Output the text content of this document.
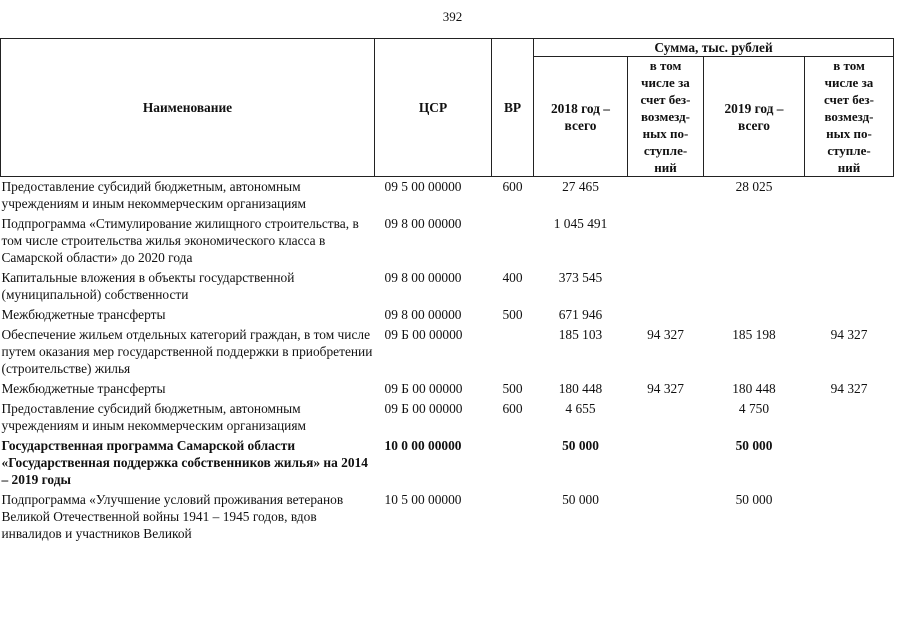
392
Наименование	ЦСР	ВР	Сумма, тыс. рублей			

			2018 год – всего	в том числе за счет без-возмезд-ных по-ступле-ний	2019 год – всего	в том числе за счет без-возмезд-ных по-ступле-ний

Предоставление субсидий бюджетным, автономным учреждениям и иным некоммерческим организациям	09 5 00 00000	600	27 465		28 025	
Подпрограмма «Стимулирование жилищного строительства, в том числе строительства жилья экономического класса в Самарской области» до 2020 года	09 8 00 00000		1 045 491			
Капитальные вложения в объекты государственной (муниципальной) собственности	09 8 00 00000	400	373 545			
Межбюджетные трансферты	09 8 00 00000	500	671 946			
Обеспечение жильем отдельных категорий граждан, в том числе путем оказания мер государственной поддержки в приобретении (строительстве) жилья	09 Б 00 00000		185 103	94 327	185 198	94 327
Межбюджетные трансферты	09 Б 00 00000	500	180 448	94 327	180 448	94 327
Предоставление субсидий бюджетным, автономным учреждениям и иным некоммерческим организациям	09 Б 00 00000	600	4 655		4 750	
Государственная программа Самарской области «Государственная поддержка собственников жилья» на 2014 – 2019 годы	10 0 00 00000		50 000		50 000	
Подпрограмма «Улучшение условий проживания ветеранов Великой Отечественной войны 1941 – 1945 годов, вдов инвалидов и участников Великой	10 5 00 00000		50 000		50 000	
